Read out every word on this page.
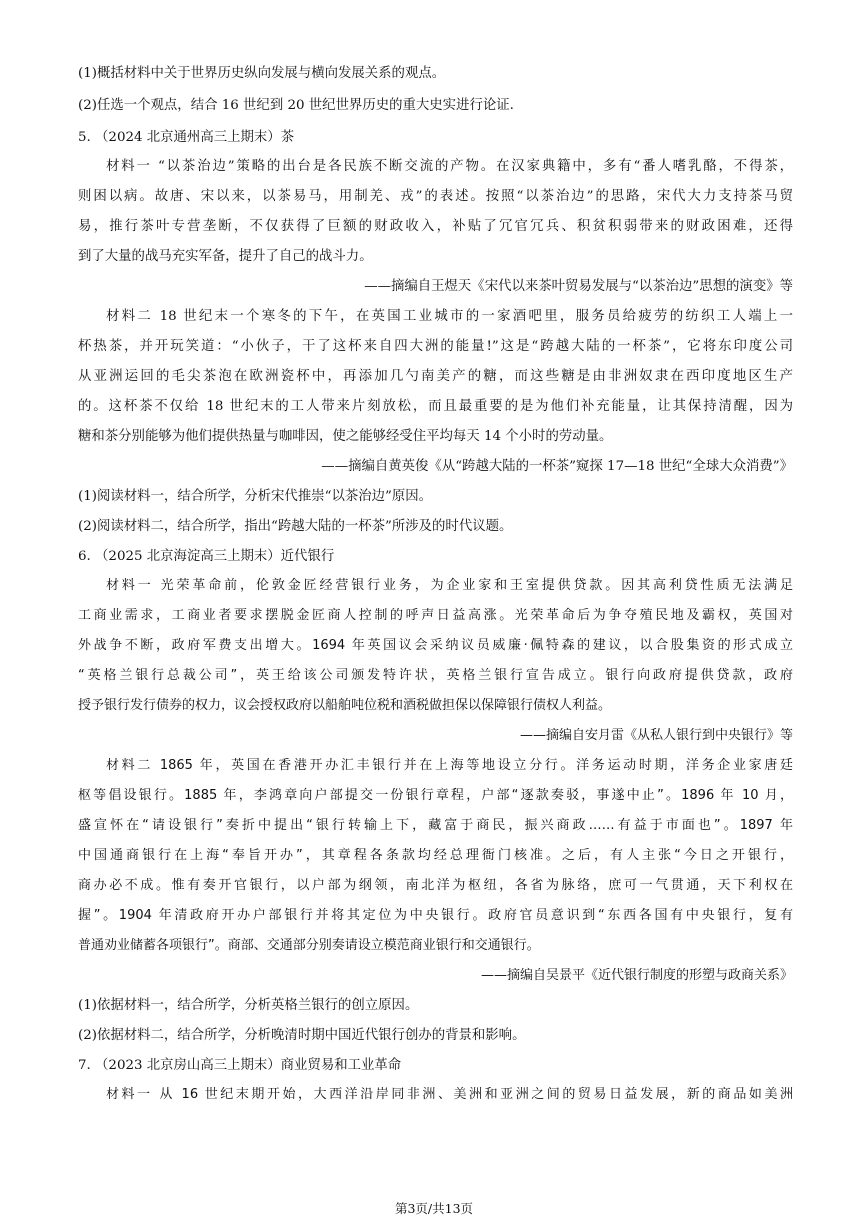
(1)概括材料中关于世界历史纵向发展与横向发展关系的观点。
(2)任选一个观点，结合 16 世纪到 20 世纪世界历史的重大史实进行论证.
5. （2024 北京通州高三上期末）茶
材料一 “以茶治边”策略的出台是各民族不断交流的产物。在汉家典籍中，多有“番人嗜乳酪，不得茶，
则困以病。故唐、宋以来，以茶易马，用制羌、戎”的表述。按照“以茶治边”的思路，宋代大力支持茶马贸
易，推行茶叶专营垄断，不仅获得了巨额的财政收入，补贴了冗官冗兵、积贫积弱带来的财政困难，还得
到了大量的战马充实军备，提升了自己的战斗力。
——摘编自王煜天《宋代以来茶叶贸易发展与“以茶治边”思想的演变》等
材料二 18 世纪末一个寒冬的下午，在英国工业城市的一家酒吧里，服务员给疲劳的纺织工人端上一
杯热茶，并开玩笑道：“小伙子，干了这杯来自四大洲的能量!”这是“跨越大陆的一杯茶”，它将东印度公司
从亚洲运回的毛尖茶泡在欧洲瓷杯中，再添加几勺南美产的糖，而这些糖是由非洲奴隶在西印度地区生产
的。这杯茶不仅给 18 世纪末的工人带来片刻放松，而且最重要的是为他们补充能量，让其保持清醒，因为
糖和茶分别能够为他们提供热量与咖啡因，使之能够经受住平均每天 14 个小时的劳动量。
——摘编自黄英俊《从“跨越大陆的一杯茶”窥探 17—18 世纪“全球大众消费”》
(1)阅读材料一，结合所学，分析宋代推崇“以茶治边”原因。
(2)阅读材料二，结合所学，指出“跨越大陆的一杯茶”所涉及的时代议题。
6. （2025 北京海淀高三上期末）近代银行
材料一 光荣革命前，伦敦金匠经营银行业务，为企业家和王室提供贷款。因其高利贷性质无法满足
工商业需求，工商业者要求摆脱金匠商人控制的呼声日益高涨。光荣革命后为争夺殖民地及霸权，英国对
外战争不断，政府军费支出增大。1694 年英国议会采纳议员威廉·佩特森的建议，以合股集资的形式成立
“英格兰银行总裁公司”，英王给该公司颁发特许状，英格兰银行宣告成立。银行向政府提供贷款，政府
授予银行发行债券的权力，议会授权政府以船舶吨位税和酒税做担保以保障银行债权人利益。
——摘编自安月雷《从私人银行到中央银行》等
材料二 1865 年，英国在香港开办汇丰银行并在上海等地设立分行。洋务运动时期，洋务企业家唐廷
枢等倡设银行。1885 年，李鸿章向户部提交一份银行章程，户部“逐款奏驳，事遂中止”。1896 年 10 月，
盛宣怀在“请设银行”奏折中提出“银行转输上下，藏富于商民，振兴商政……有益于市面也”。1897 年
中国通商银行在上海“奉旨开办”，其章程各条款均经总理衙门核准。之后，有人主张“今日之开银行，
商办必不成。惟有奏开官银行，以户部为纲领，南北洋为枢纽，各省为脉络，庶可一气贯通，天下利权在
握”。1904 年清政府开办户部银行并将其定位为中央银行。政府官员意识到“东西各国有中央银行，复有
普通劝业储蓄各项银行”。商部、交通部分别奏请设立模范商业银行和交通银行。
——摘编自吴景平《近代银行制度的形塑与政商关系》
(1)依据材料一，结合所学，分析英格兰银行的创立原因。
(2)依据材料二，结合所学，分析晚清时期中国近代银行创办的背景和影响。
7. （2023 北京房山高三上期末）商业贸易和工业革命
材料一 从 16 世纪末期开始，大西洋沿岸同非洲、美洲和亚洲之间的贸易日益发展，新的商品如美洲
第3页/共13页
